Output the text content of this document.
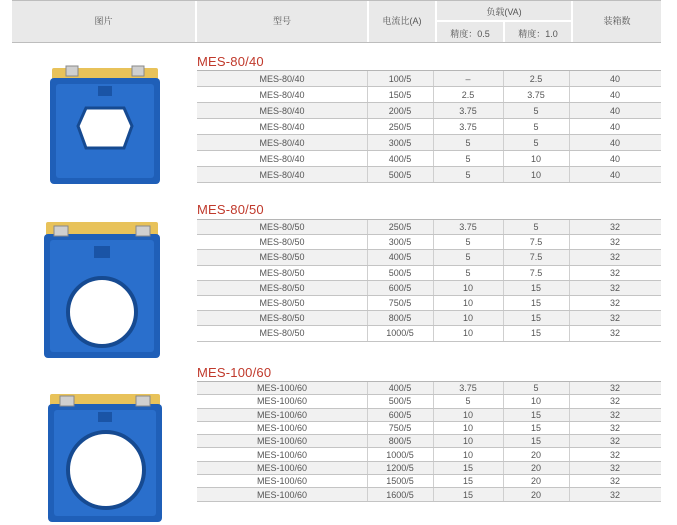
图片	型号	电流比(A)
负载(VA)
精度：0.5	精度：1.0
装箱数
MES-80/40
MES-80/40	100/5	–	2.5	40
MES-80/40	150/5	2.5	3.75	40
MES-80/40	200/5	3.75	5	40
MES-80/40	250/5	3.75	5	40
MES-80/40	300/5	5	5	40
MES-80/40	400/5	5	10	40
MES-80/40	500/5	5	10	40
MES-80/50
MES-80/50	250/5	3.75	5	32
MES-80/50	300/5	5	7.5	32
MES-80/50	400/5	5	7.5	32
MES-80/50	500/5	5	7.5	32
MES-80/50	600/5	10	15	32
MES-80/50	750/5	10	15	32
MES-80/50	800/5	10	15	32
MES-80/50	1000/5	10	15	32
MES-100/60
MES-100/60	400/5	3.75	5	32
MES-100/60	500/5	5	10	32
MES-100/60	600/5	10	15	32
MES-100/60	750/5	10	15	32
MES-100/60	800/5	10	15	32
MES-100/60	1000/5	10	20	32
MES-100/60	1200/5	15	20	32
MES-100/60	1500/5	15	20	32
MES-100/60	1600/5	15	20	32
